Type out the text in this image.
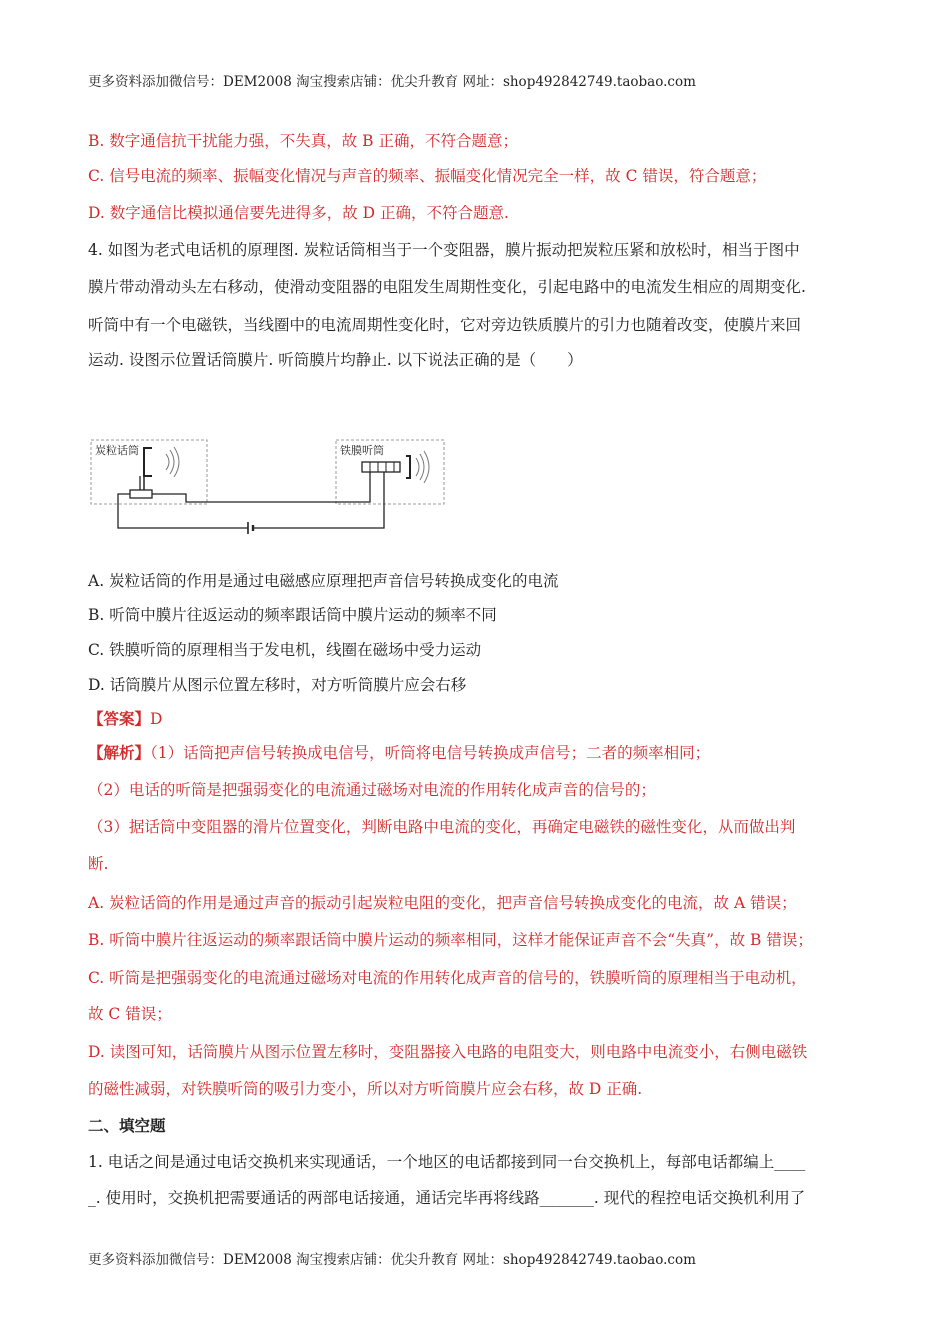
更多资料添加微信号：DEM2008 淘宝搜索店铺：优尖升教育 网址：shop492842749.taobao.com
B. 数字通信抗干扰能力强，不失真，故 B 正确，不符合题意；
C. 信号电流的频率、振幅变化情况与声音的频率、振幅变化情况完全一样，故 C 错误，符合题意；
D. 数字通信比模拟通信要先进得多，故 D 正确，不符合题意.
4. 如图为老式电话机的原理图. 炭粒话筒相当于一个变阻器，膜片振动把炭粒压紧和放松时，相当于图中
膜片带动滑动头左右移动，使滑动变阻器的电阻发生周期性变化，引起电路中的电流发生相应的周期变化.
听筒中有一个电磁铁，当线圈中的电流周期性变化时，它对旁边铁质膜片的引力也随着改变，使膜片来回
运动. 设图示位置话筒膜片. 听筒膜片均静止. 以下说法正确的是（　　）
炭粒话筒	铁膜听筒
A. 炭粒话筒的作用是通过电磁感应原理把声音信号转换成变化的电流
B. 听筒中膜片往返运动的频率跟话筒中膜片运动的频率不同
C. 铁膜听筒的原理相当于发电机，线圈在磁场中受力运动
D. 话筒膜片从图示位置左移时，对方听筒膜片应会右移
【答案】D
【解析】（1）话筒把声信号转换成电信号，听筒将电信号转换成声信号；二者的频率相同；
（2）电话的听筒是把强弱变化的电流通过磁场对电流的作用转化成声音的信号的；
（3）据话筒中变阻器的滑片位置变化，判断电路中电流的变化，再确定电磁铁的磁性变化，从而做出判
断.
A. 炭粒话筒的作用是通过声音的振动引起炭粒电阻的变化，把声音信号转换成变化的电流，故 A 错误；
B. 听筒中膜片往返运动的频率跟话筒中膜片运动的频率相同，这样才能保证声音不会“失真”，故 B 错误；
C. 听筒是把强弱变化的电流通过磁场对电流的作用转化成声音的信号的，铁膜听筒的原理相当于电动机，
故 C 错误；
D. 读图可知，话筒膜片从图示位置左移时，变阻器接入电路的电阻变大，则电路中电流变小，右侧电磁铁
的磁性减弱，对铁膜听筒的吸引力变小，所以对方听筒膜片应会右移，故 D 正确.
二、填空题
1. 电话之间是通过电话交换机来实现通话，一个地区的电话都接到同一台交换机上，每部电话都编上____
_. 使用时，交换机把需要通话的两部电话接通，通话完毕再将线路_______. 现代的程控电话交换机利用了
更多资料添加微信号：DEM2008 淘宝搜索店铺：优尖升教育 网址：shop492842749.taobao.com
